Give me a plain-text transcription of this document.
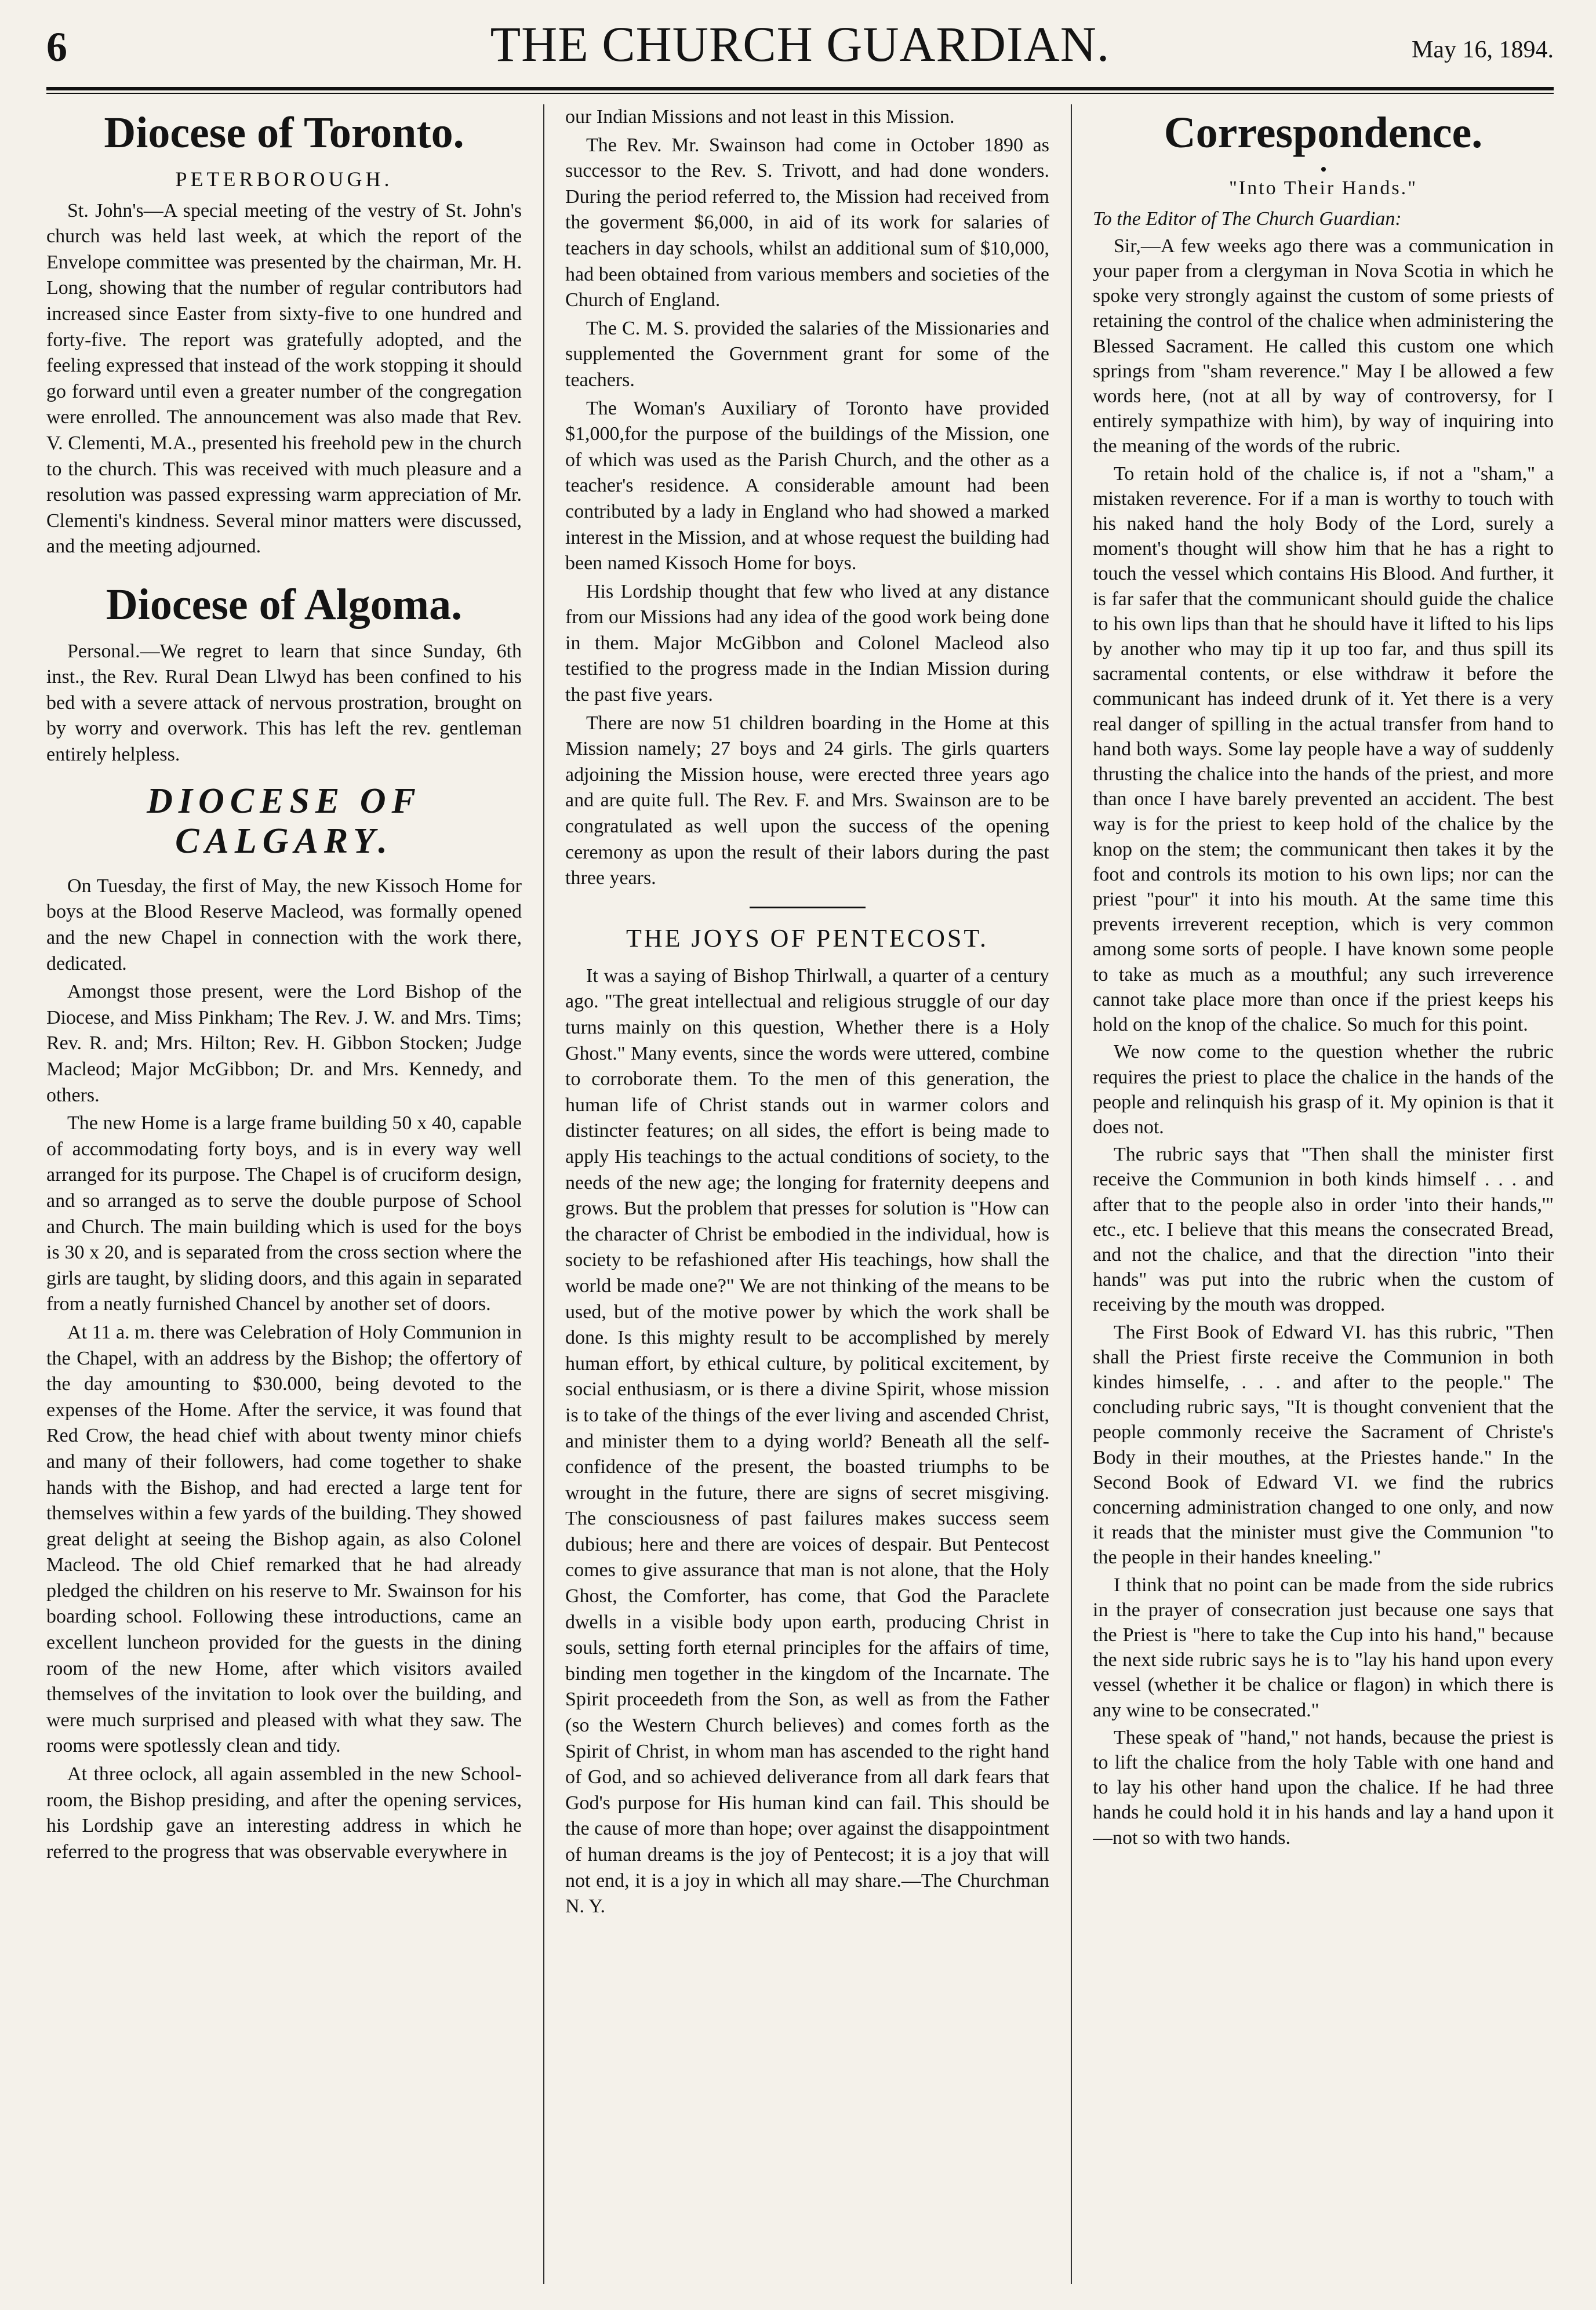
6	THE CHURCH GUARDIAN.	May 16, 1894.
Diocese of Toronto.
PETERBOROUGH.

St. John's—A special meeting of the vestry of St. John's church was held last week, at which the report of the Envelope committee was presented by the chairman, Mr. H. Long, showing that the number of regular contributors had increased since Easter from sixty-five to one hundred and forty-five. The report was gratefully adopted, and the feeling expressed that instead of the work stopping it should go forward until even a greater number of the congregation were enrolled. The announcement was also made that Rev. V. Clementi, M.A., presented his freehold pew in the church to the church. This was received with much pleasure and a resolution was passed expressing warm appreciation of Mr. Clementi's kindness. Several minor matters were discussed, and the meeting adjourned.

Diocese of Algoma.

Personal.—We regret to learn that since Sunday, 6th inst., the Rev. Rural Dean Llwyd has been confined to his bed with a severe attack of nervous prostration, brought on by worry and overwork. This has left the rev. gentleman entirely helpless.

DIOCESE OF CALGARY.

On Tuesday, the first of May, the new Kissoch Home for boys at the Blood Reserve Macleod, was formally opened and the new Chapel in connection with the work there, dedicated.

Amongst those present, were the Lord Bishop of the Diocese, and Miss Pinkham; The Rev. J. W. and Mrs. Tims; Rev. R. and; Mrs. Hilton; Rev. H. Gibbon Stocken; Judge Macleod; Major McGibbon; Dr. and Mrs. Kennedy, and others.

The new Home is a large frame building 50 x 40, capable of accommodating forty boys, and is in every way well arranged for its purpose. The Chapel is of cruciform design, and so arranged as to serve the double purpose of School and Church. The main building which is used for the boys is 30 x 20, and is separated from the cross section where the girls are taught, by sliding doors, and this again in separated from a neatly furnished Chancel by another set of doors.

At 11 a. m. there was Celebration of Holy Communion in the Chapel, with an address by the Bishop; the offertory of the day amounting to $30.000, being devoted to the expenses of the Home. After the service, it was found that Red Crow, the head chief with about twenty minor chiefs and many of their followers, had come together to shake hands with the Bishop, and had erected a large tent for themselves within a few yards of the building. They showed great delight at seeing the Bishop again, as also Colonel Macleod. The old Chief remarked that he had already pledged the children on his reserve to Mr. Swainson for his boarding school. Following these introductions, came an excellent luncheon provided for the guests in the dining room of the new Home, after which visitors availed themselves of the invitation to look over the building, and were much surprised and pleased with what they saw. The rooms were spotlessly clean and tidy.

At three oclock, all again assembled in the new School-room, the Bishop presiding, and after the opening services, his Lordship gave an interesting address in which he referred to the progress that was observable everywhere in

our Indian Missions and not least in this Mission.

The Rev. Mr. Swainson had come in October 1890 as successor to the Rev. S. Trivott, and had done wonders. During the period referred to, the Mission had received from the goverment $6,000, in aid of its work for salaries of teachers in day schools, whilst an additional sum of $10,000, had been obtained from various members and societies of the Church of England.

The C. M. S. provided the salaries of the Missionaries and supplemented the Government grant for some of the teachers.

The Woman's Auxiliary of Toronto have provided $1,000,for the purpose of the buildings of the Mission, one of which was used as the Parish Church, and the other as a teacher's residence. A considerable amount had been contributed by a lady in England who had showed a marked interest in the Mission, and at whose request the building had been named Kissoch Home for boys.

His Lordship thought that few who lived at any distance from our Missions had any idea of the good work being done in them. Major McGibbon and Colonel Macleod also testified to the progress made in the Indian Mission during the past five years.

There are now 51 children boarding in the Home at this Mission namely; 27 boys and 24 girls. The girls quarters adjoining the Mission house, were erected three years ago and are quite full. The Rev. F. and Mrs. Swainson are to be congratulated as well upon the success of the opening ceremony as upon the result of their labors during the past three years.

THE JOYS OF PENTECOST.

It was a saying of Bishop Thirlwall, a quarter of a century ago. "The great intellectual and religious struggle of our day turns mainly on this question, Whether there is a Holy Ghost." Many events, since the words were uttered, combine to corroborate them. To the men of this generation, the human life of Christ stands out in warmer colors and distincter features; on all sides, the effort is being made to apply His teachings to the actual conditions of society, to the needs of the new age; the longing for fraternity deepens and grows. But the problem that presses for solution is "How can the character of Christ be embodied in the individual, how is society to be refashioned after His teachings, how shall the world be made one?" We are not thinking of the means to be used, but of the motive power by which the work shall be done. Is this mighty result to be accomplished by merely human effort, by ethical culture, by political excitement, by social enthusiasm, or is there a divine Spirit, whose mission is to take of the things of the ever living and ascended Christ, and minister them to a dying world? Beneath all the self-confidence of the present, the boasted triumphs to be wrought in the future, there are signs of secret misgiving. The consciousness of past failures makes success seem dubious; here and there are voices of despair. But Pentecost comes to give assurance that man is not alone, that the Holy Ghost, the Comforter, has come, that God the Paraclete dwells in a visible body upon earth, producing Christ in souls, setting forth eternal principles for the affairs of time, binding men together in the kingdom of the Incarnate. The Spirit proceedeth from the Son, as well as from the Father (so the Western Church believes) and comes forth as the Spirit of Christ, in whom man has ascended to the right hand of God, and so achieved deliverance from all dark fears that God's purpose for His human kind can fail. This should be the cause of more than hope; over against the disappointment of human dreams is the joy of Pentecost; it is a joy that will not end, it is a joy in which all may share.—The Churchman N. Y.

Correspondence.
"Into Their Hands."

To the Editor of The Church Guardian:

Sir,—A few weeks ago there was a communication in your paper from a clergyman in Nova Scotia in which he spoke very strongly against the custom of some priests of retaining the control of the chalice when administering the Blessed Sacrament. He called this custom one which springs from "sham reverence." May I be allowed a few words here, (not at all by way of controversy, for I entirely sympathize with him), by way of inquiring into the meaning of the words of the rubric.

To retain hold of the chalice is, if not a "sham," a mistaken reverence. For if a man is worthy to touch with his naked hand the holy Body of the Lord, surely a moment's thought will show him that he has a right to touch the vessel which contains His Blood. And further, it is far safer that the communicant should guide the chalice to his own lips than that he should have it lifted to his lips by another who may tip it up too far, and thus spill its sacramental contents, or else withdraw it before the communicant has indeed drunk of it. Yet there is a very real danger of spilling in the actual transfer from hand to hand both ways. Some lay people have a way of suddenly thrusting the chalice into the hands of the priest, and more than once I have barely prevented an accident. The best way is for the priest to keep hold of the chalice by the knop on the stem; the communicant then takes it by the foot and controls its motion to his own lips; nor can the priest "pour" it into his mouth. At the same time this prevents irreverent reception, which is very common among some sorts of people. I have known some people to take as much as a mouthful; any such irreverence cannot take place more than once if the priest keeps his hold on the knop of the chalice. So much for this point.

We now come to the question whether the rubric requires the priest to place the chalice in the hands of the people and relinquish his grasp of it. My opinion is that it does not.

The rubric says that "Then shall the minister first receive the Communion in both kinds himself . . . and after that to the people also in order 'into their hands,'" etc., etc. I believe that this means the consecrated Bread, and not the chalice, and that the direction "into their hands" was put into the rubric when the custom of receiving by the mouth was dropped.

The First Book of Edward VI. has this rubric, "Then shall the Priest firste receive the Communion in both kindes himselfe, . . . and after to the people." The concluding rubric says, "It is thought convenient that the people commonly receive the Sacrament of Christe's Body in their mouthes, at the Priestes hande." In the Second Book of Edward VI. we find the rubrics concerning administration changed to one only, and now it reads that the minister must give the Communion "to the people in their handes kneeling."

I think that no point can be made from the side rubrics in the prayer of consecration just because one says that the Priest is "here to take the Cup into his hand," because the next side rubric says he is to "lay his hand upon every vessel (whether it be chalice or flagon) in which there is any wine to be consecrated."

These speak of "hand," not hands, because the priest is to lift the chalice from the holy Table with one hand and to lay his other hand upon the chalice. If he had three hands he could hold it in his hands and lay a hand upon it—not so with two hands.
